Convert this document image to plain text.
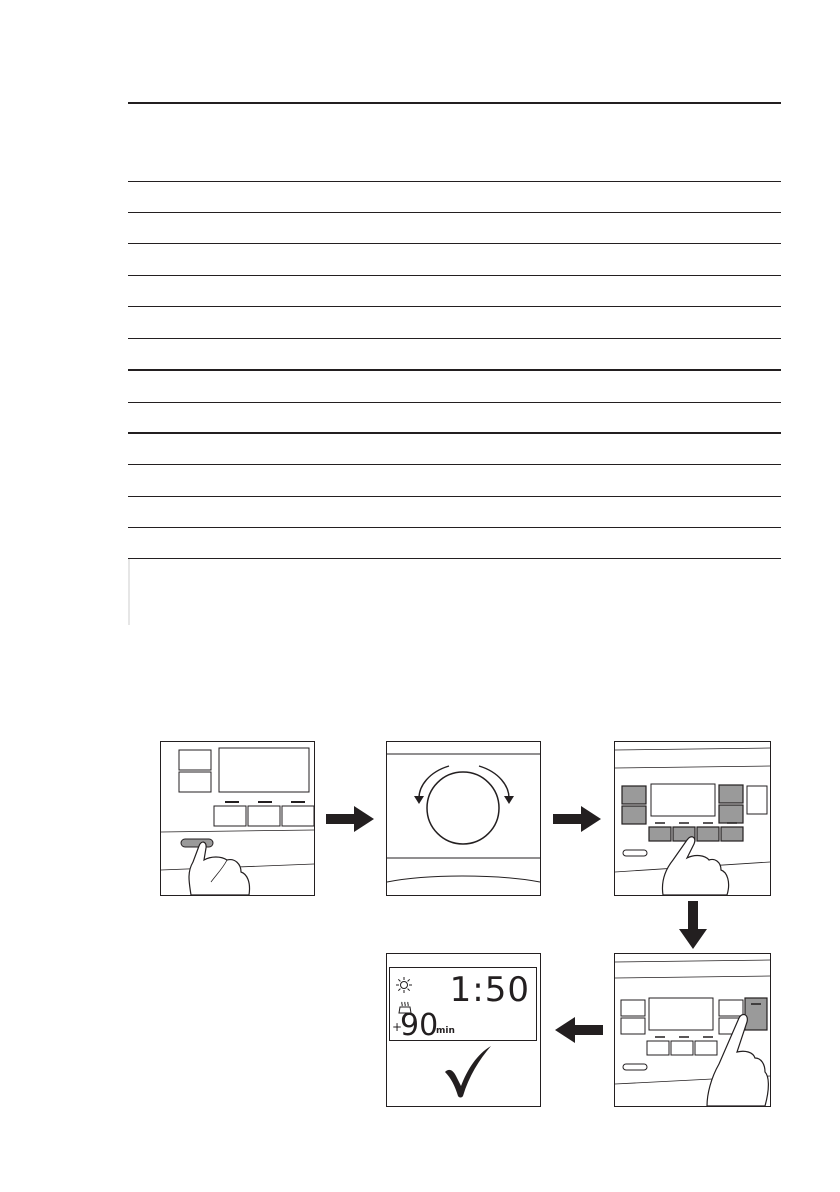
1:50
+
90
min
